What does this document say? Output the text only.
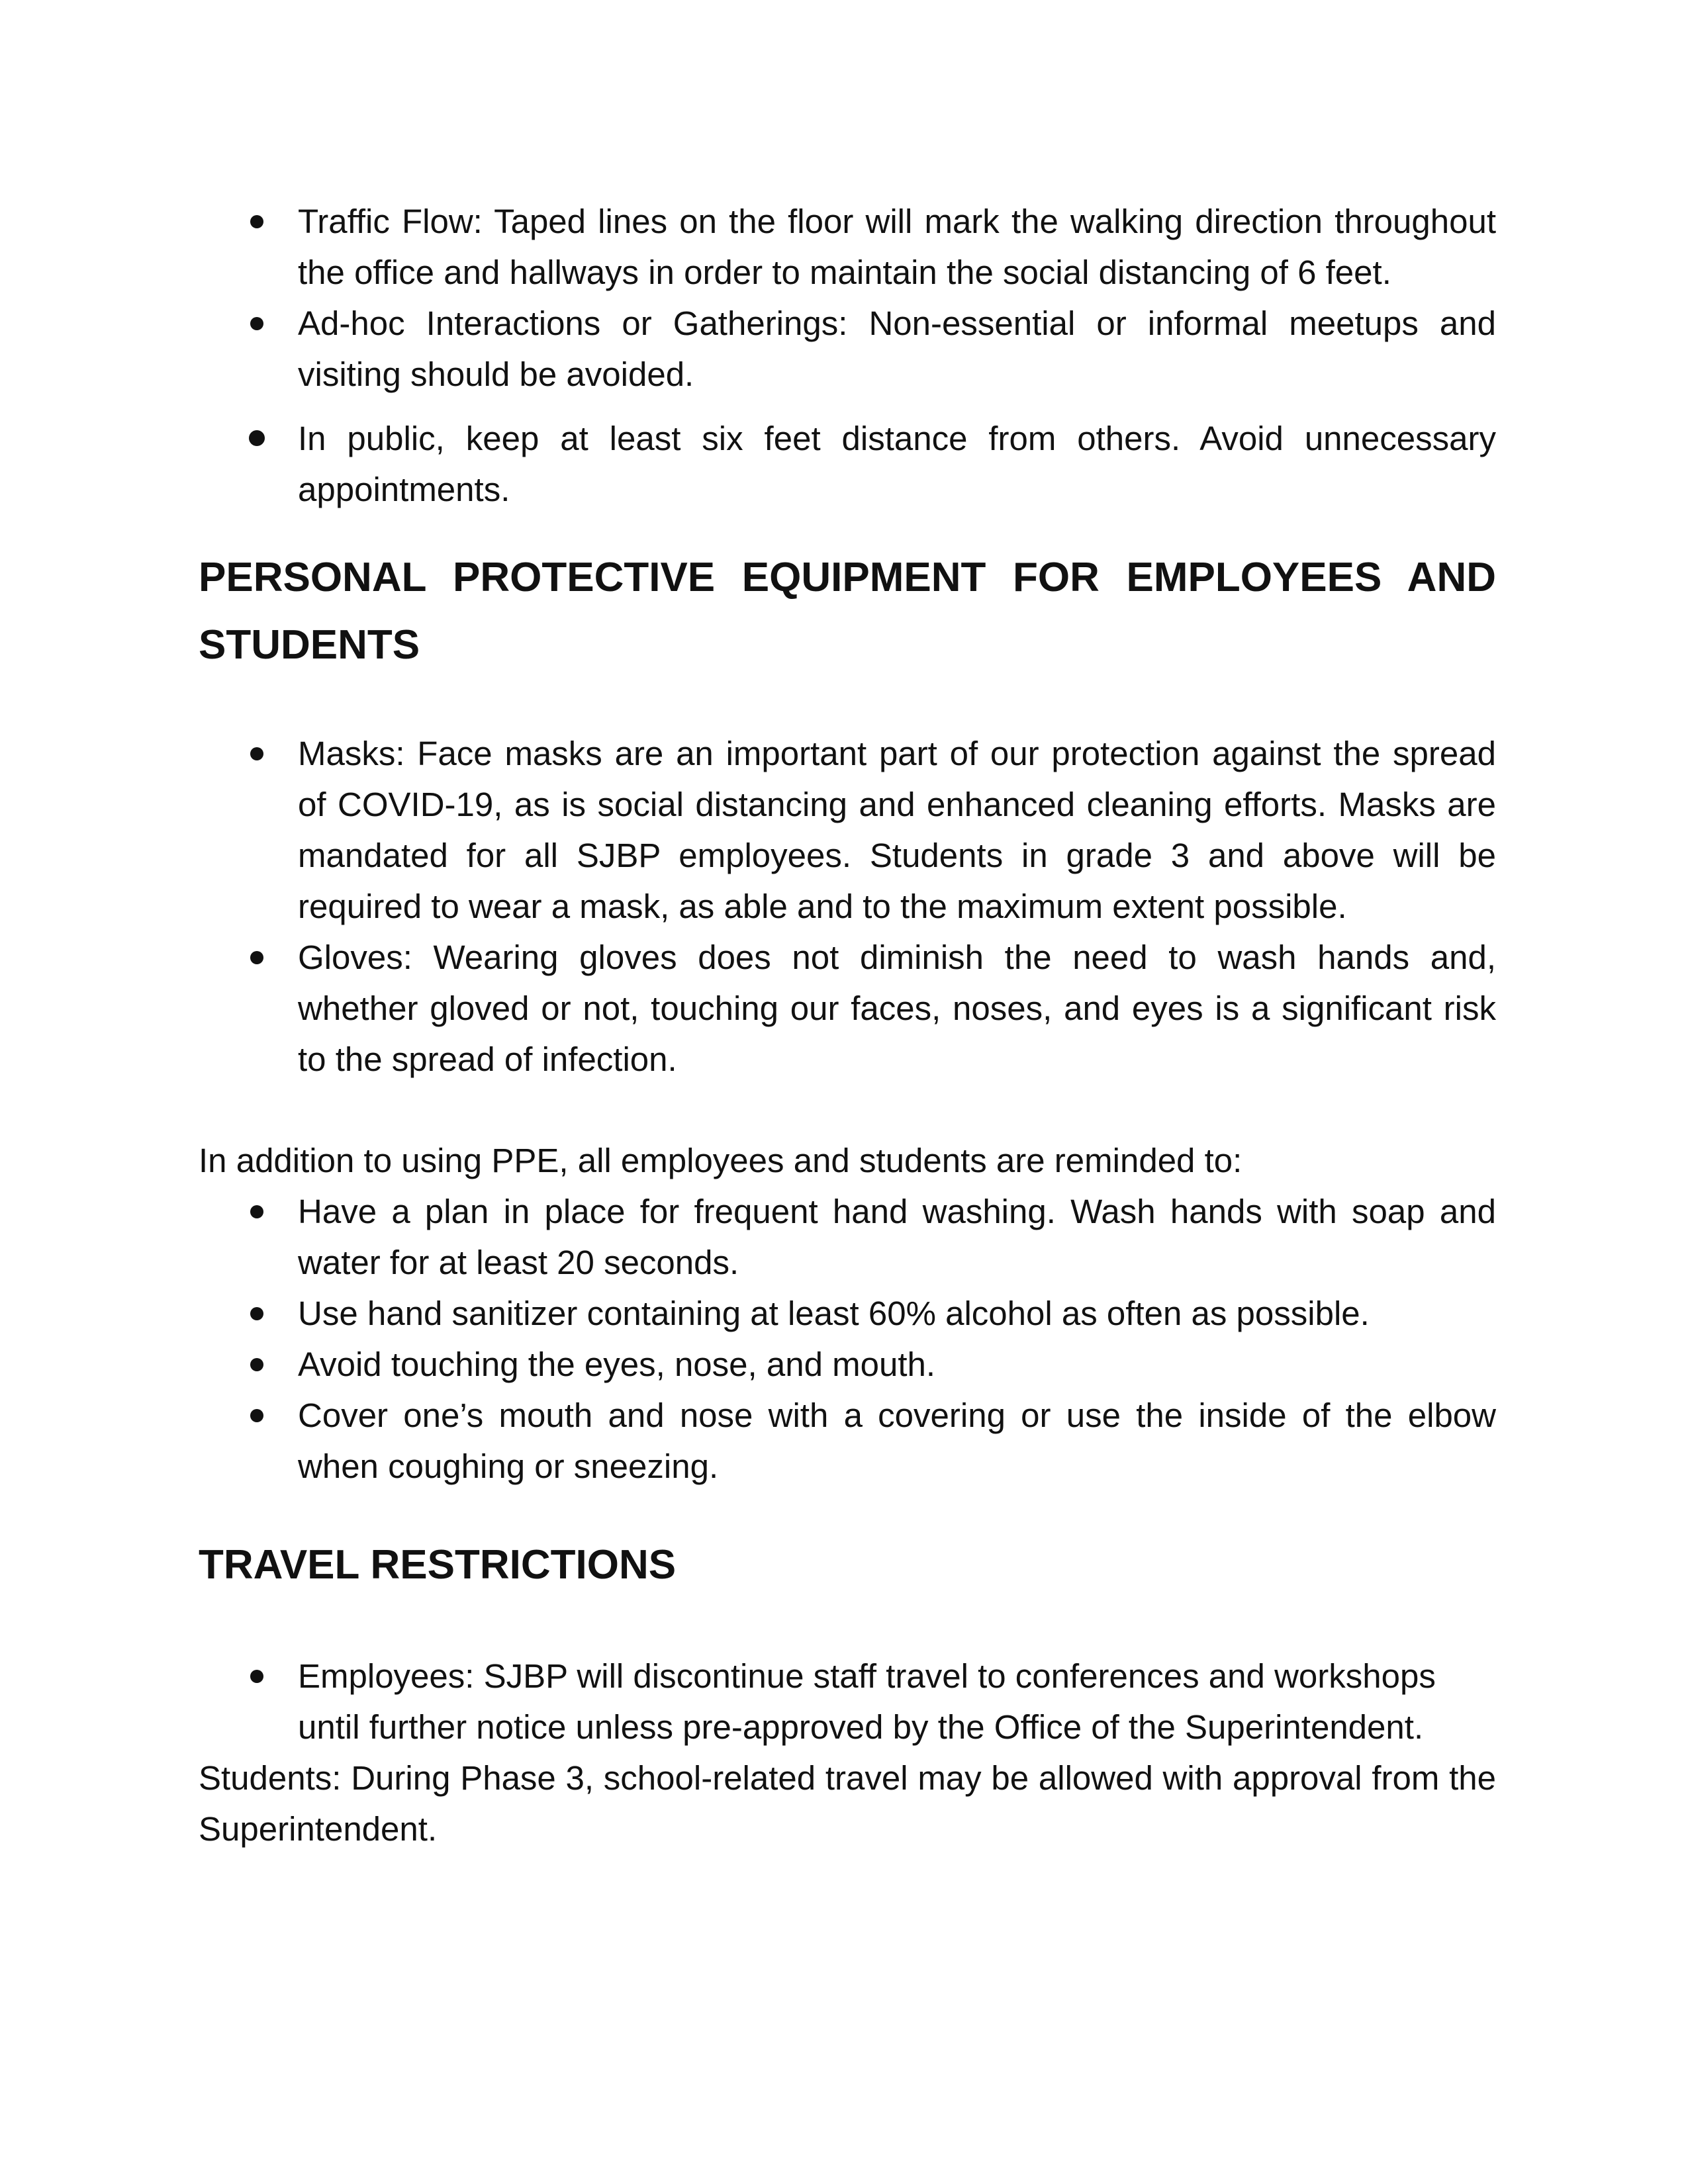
Traffic Flow: Taped lines on the floor will mark the walking direction throughout the office and hallways in order to maintain the social distancing of 6 feet.
Ad-hoc Interactions or Gatherings: Non-essential or informal meetups and visiting should be avoided.
In public, keep at least six feet distance from others. Avoid unnecessary appointments.
PERSONAL PROTECTIVE EQUIPMENT FOR EMPLOYEES AND STUDENTS
Masks: Face masks are an important part of our protection against the spread of COVID-19, as is social distancing and enhanced cleaning efforts. Masks are mandated for all SJBP employees. Students in grade 3 and above will be required to wear a mask, as able and to the maximum extent possible.
Gloves: Wearing gloves does not diminish the need to wash hands and, whether gloved or not, touching our faces, noses, and eyes is a significant risk to the spread of infection.

In addition to using PPE, all employees and students are reminded to:

Have a plan in place for frequent hand washing. Wash hands with soap and water for at least 20 seconds.
Use hand sanitizer containing at least 60% alcohol as often as possible.
Avoid touching the eyes, nose, and mouth.
Cover one’s mouth and nose with a covering or use the inside of the elbow when coughing or sneezing.
TRAVEL RESTRICTIONS
Employees: SJBP will discontinue staff travel to conferences and workshops until further notice unless pre-approved by the Office of the Superintendent.

Students: During Phase 3, school-related travel may be allowed with approval from the Superintendent.
